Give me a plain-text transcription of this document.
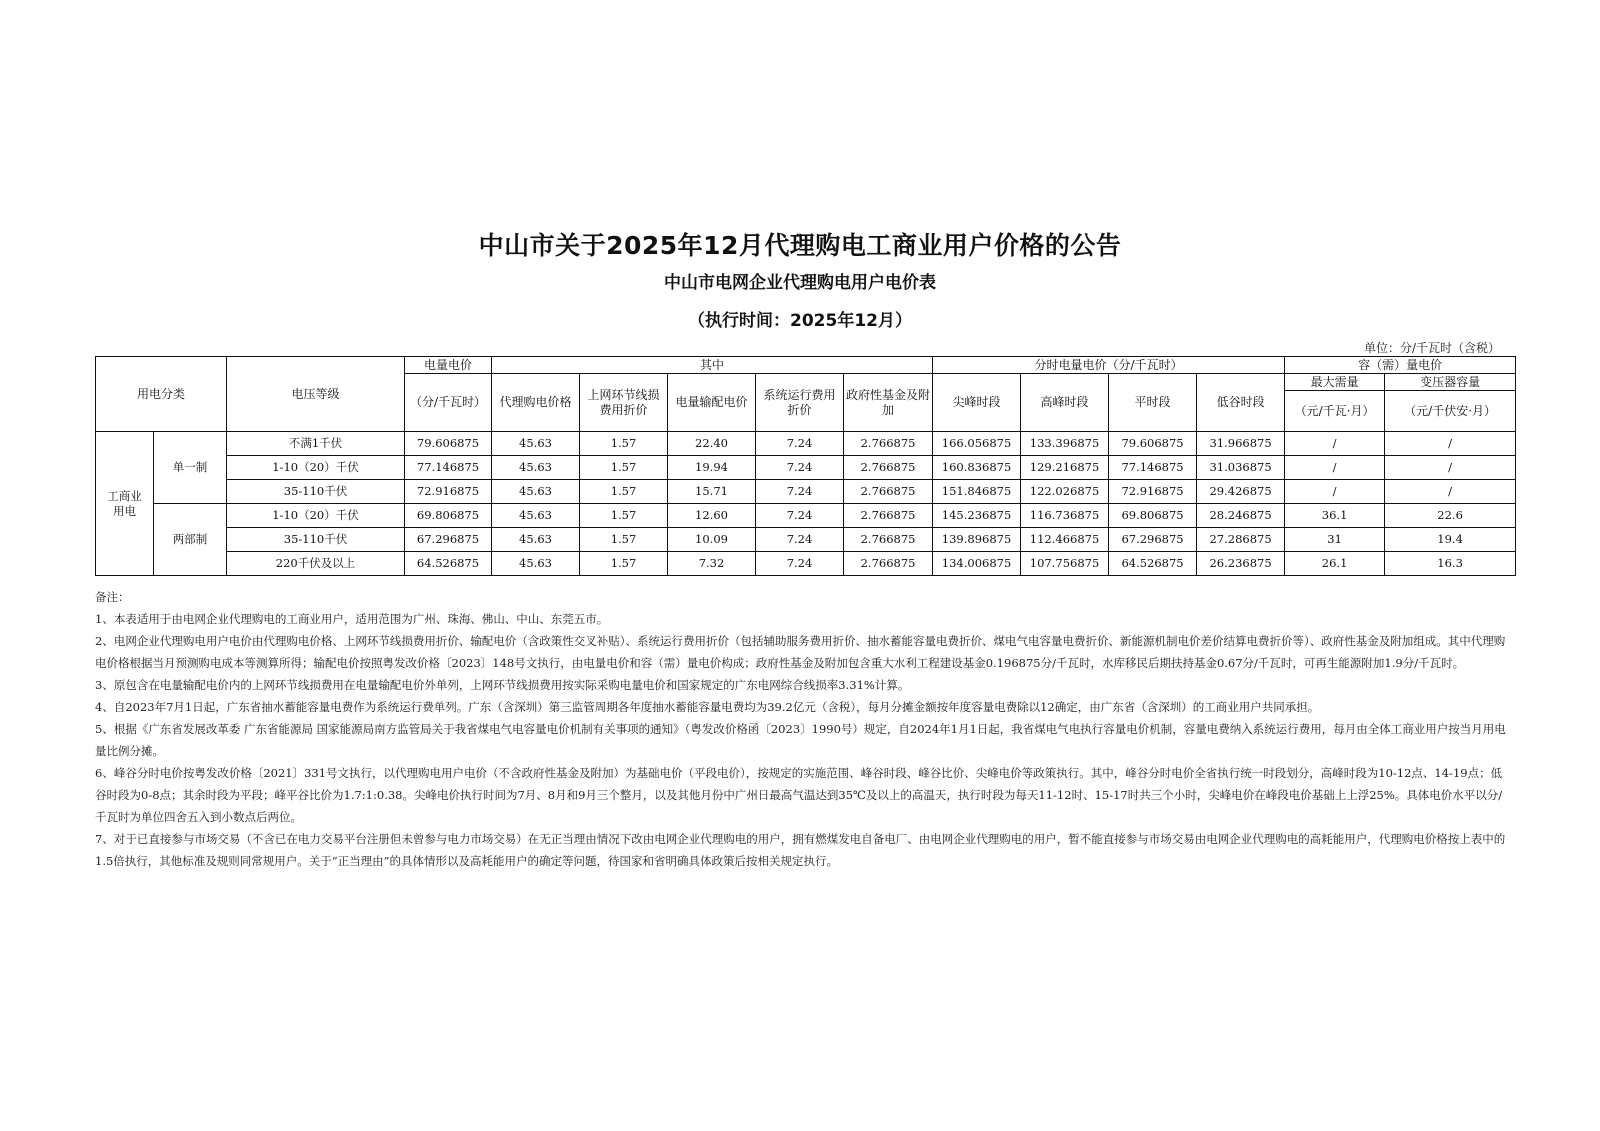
中山市关于2025年12月代理购电工商业用户价格的公告
中山市电网企业代理购电用户电价表
（执行时间：2025年12月）
单位：分/千瓦时（含税）
用电分类		电压等级	电量电价	其中					分时电量电价（分/千瓦时）				容（需）量电价	
			（分/千瓦时）	代理购电价格	上网环节线损费用折价	电量输配电价	系统运行费用折价	政府性基金及附加	尖峰时段	高峰时段	平时段	低谷时段	最大需量	变压器容量
													（元/千瓦·月）	（元/千伏安·月）
工商业用电	单一制	不满1千伏	79.606875	45.63	1.57	22.40	7.24	2.766875	166.056875	133.396875	79.606875	31.966875	/	/
		1-10（20）千伏	77.146875	45.63	1.57	19.94	7.24	2.766875	160.836875	129.216875	77.146875	31.036875	/	/
		35-110千伏	72.916875	45.63	1.57	15.71	7.24	2.766875	151.846875	122.026875	72.916875	29.426875	/	/
	两部制	1-10（20）千伏	69.806875	45.63	1.57	12.60	7.24	2.766875	145.236875	116.736875	69.806875	28.246875	36.1	22.6
		35-110千伏	67.296875	45.63	1.57	10.09	7.24	2.766875	139.896875	112.466875	67.296875	27.286875	31	19.4
		220千伏及以上	64.526875	45.63	1.57	7.32	7.24	2.766875	134.006875	107.756875	64.526875	26.236875	26.1	16.3
备注：
1、本表适用于由电网企业代理购电的工商业用户，适用范围为广州、珠海、佛山、中山、东莞五市。
2、电网企业代理购电用户电价由代理购电价格、上网环节线损费用折价、输配电价（含政策性交叉补贴）、系统运行费用折价（包括辅助服务费用折价、抽水蓄能容量电费折价、煤电气电容量电费折价、新能源机制电价差价结算电费折价等）、政府性基金及附加组成。其中代理购电价格根据当月预测购电成本等测算所得；输配电价按照粤发改价格〔2023〕148号文执行，由电量电价和容（需）量电价构成；政府性基金及附加包含重大水利工程建设基金0.196875分/千瓦时，水库移民后期扶持基金0.67分/千瓦时，可再生能源附加1.9分/千瓦时。
3、原包含在电量输配电价内的上网环节线损费用在电量输配电价外单列，上网环节线损费用按实际采购电量电价和国家规定的广东电网综合线损率3.31%计算。
4、自2023年7月1日起，广东省抽水蓄能容量电费作为系统运行费单列。广东（含深圳）第三监管周期各年度抽水蓄能容量电费均为39.2亿元（含税），每月分摊金额按年度容量电费除以12确定，由广东省（含深圳）的工商业用户共同承担。
5、根据《广东省发展改革委 广东省能源局 国家能源局南方监管局关于我省煤电气电容量电价机制有关事项的通知》（粤发改价格函〔2023〕1990号）规定，自2024年1月1日起，我省煤电气电执行容量电价机制，容量电费纳入系统运行费用，每月由全体工商业用户按当月用电量比例分摊。
6、峰谷分时电价按粤发改价格〔2021〕331号文执行，以代理购电用户电价（不含政府性基金及附加）为基础电价（平段电价），按规定的实施范围、峰谷时段、峰谷比价、尖峰电价等政策执行。其中，峰谷分时电价全省执行统一时段划分，高峰时段为10-12点、14-19点；低谷时段为0-8点；其余时段为平段；峰平谷比价为1.7:1:0.38。尖峰电价执行时间为7月、8月和9月三个整月，以及其他月份中广州日最高气温达到35℃及以上的高温天，执行时段为每天11-12时、15-17时共三个小时，尖峰电价在峰段电价基础上上浮25%。具体电价水平以分/千瓦时为单位四舍五入到小数点后两位。
7、对于已直接参与市场交易（不含已在电力交易平台注册但未曾参与电力市场交易）在无正当理由情况下改由电网企业代理购电的用户，拥有燃煤发电自备电厂、由电网企业代理购电的用户，暂不能直接参与市场交易由电网企业代理购电的高耗能用户，代理购电价格按上表中的1.5倍执行，其他标准及规则同常规用户。关于“正当理由”的具体情形以及高耗能用户的确定等问题，待国家和省明确具体政策后按相关规定执行。
